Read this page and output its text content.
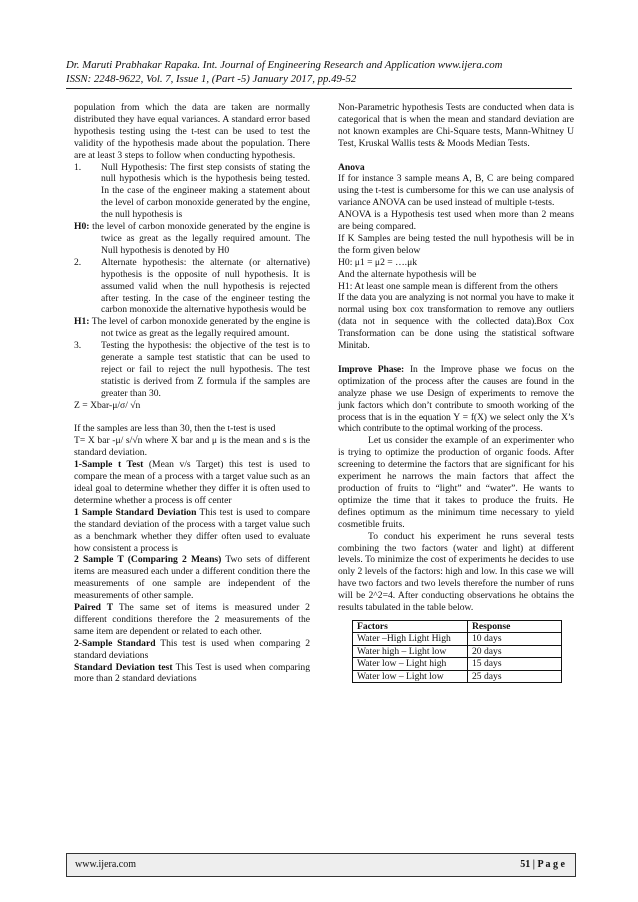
Dr. Maruti Prabhakar Rapaka. Int. Journal of Engineering Research and Application www.ijera.com
ISSN: 2248-9622, Vol. 7, Issue 1, (Part -5) January 2017, pp.49-52

population from which the data are taken are normally distributed they have equal variances. A standard error based hypothesis testing using the t-test can be used to test the validity of the hypothesis made about the population. There are at least 3 steps to follow when conducting hypothesis.

1. Null Hypothesis: The first step consists of stating the null hypothesis which is the hypothesis being tested. In the case of the engineer making a statement about the level of carbon monoxide generated by the engine, the null hypothesis is

H0: the level of carbon monoxide generated by the engine is twice as great as the legally required amount. The Null hypothesis is denoted by H0

2. Alternate hypothesis: the alternate (or alternative) hypothesis is the opposite of null hypothesis. It is assumed valid when the null hypothesis is rejected after testing. In the case of the engineer testing the carbon monoxide the alternative hypothesis would be

H1: The level of carbon monoxide generated by the engine is not twice as great as the legally required amount.

3. Testing the hypothesis: the objective of the test is to generate a sample test statistic that can be used to reject or fail to reject the null hypothesis. The test statistic is derived from Z formula if the samples are greater than 30.

Z = Xbar-μ/σ/ √n

If the samples are less than 30, then the t-test is used

T= X bar -μ/ s/√n where X bar and μ is the mean and s is the standard deviation.

1-Sample t Test (Mean v/s Target) this test is used to compare the mean of a process with a target value such as an ideal goal to determine whether they differ it is often used to determine whether a process is off center

1 Sample Standard Deviation This test is used to compare the standard deviation of the process with a target value such as a benchmark whether they differ often used to evaluate how consistent a process is

2 Sample T (Comparing 2 Means) Two sets of different items are measured each under a different condition there the measurements of one sample are independent of the measurements of other sample.

Paired T The same set of items is measured under 2 different conditions therefore the 2 measurements of the same item are dependent or related to each other.

2-Sample Standard This test is used when comparing 2 standard deviations

Standard Deviation test This Test is used when comparing more than 2 standard deviations

Non-Parametric hypothesis Tests are conducted when data is categorical that is when the mean and standard deviation are not known examples are Chi-Square tests, Mann-Whitney U Test, Kruskal Wallis tests & Moods Median Tests.

Anova

If for instance 3 sample means A, B, C are being compared using the t-test is cumbersome for this we can use analysis of variance ANOVA can be used instead of multiple t-tests.

ANOVA is a Hypothesis test used when more than 2 means are being compared.

If K Samples are being tested the null hypothesis will be in the form given below

H0: μ1 = μ2 = ….μk

And the alternate hypothesis will be

H1: At least one sample mean is different from the others

If the data you are analyzing is not normal you have to make it normal using box cox transformation to remove any outliers (data not in sequence with the collected data).Box Cox Transformation can be done using the statistical software Minitab.

Improve Phase: In the Improve phase we focus on the optimization of the process after the causes are found in the analyze phase we use Design of experiments to remove the junk factors which don’t contribute to smooth working of the process that is in the equation Y = f(X) we select only the X’s which contribute to the optimal working of the process.

Let us consider the example of an experimenter who is trying to optimize the production of organic foods. After screening to determine the factors that are significant for his experiment he narrows the main factors that affect the production of fruits to “light” and “water”. He wants to optimize the time that it takes to produce the fruits. He defines optimum as the minimum time necessary to yield cosmetible fruits.

To conduct his experiment he runs several tests combining the two factors (water and light) at different levels. To minimize the cost of experiments he decides to use only 2 levels of the factors: high and low. In this case we will have two factors and two levels therefore the number of runs will be 2^2=4. After conducting observations he obtains the results tabulated in the table below.

Factors	Response
Water –High Light High	10 days
Water high – Light low	20 days
Water low – Light high	15 days
Water low – Light low	25 days
www.ijera.com	51 | P a g e
